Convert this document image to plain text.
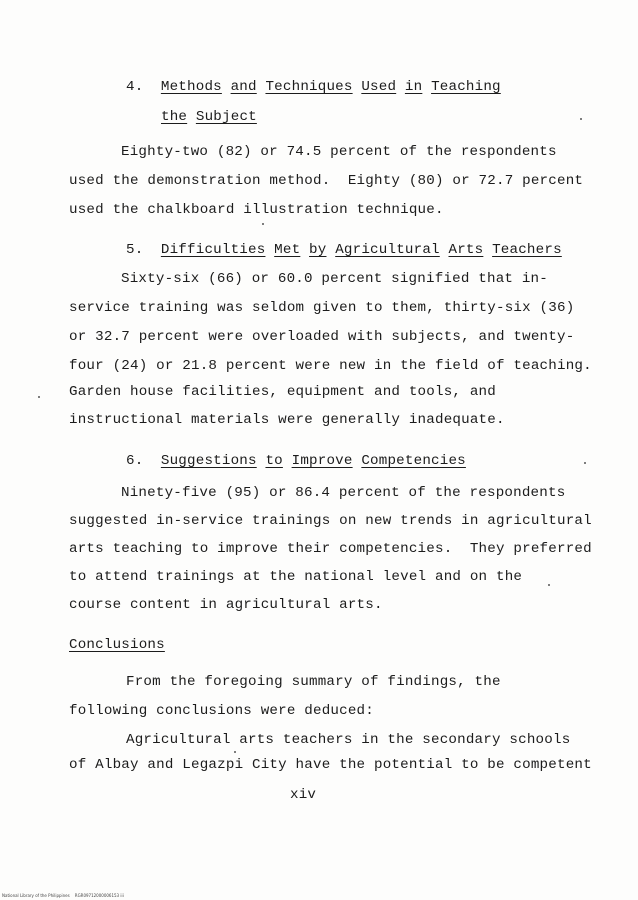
4. Methods and Techniques Used in Teaching
the Subject
Eighty-two (82) or 74.5 percent of the respondents
used the demonstration method.  Eighty (80) or 72.7 percent
used the chalkboard illustration technique.
5. Difficulties Met by Agricultural Arts Teachers
Sixty-six (66) or 60.0 percent signified that in-
service training was seldom given to them, thirty-six (36)
or 32.7 percent were overloaded with subjects, and twenty-
four (24) or 21.8 percent were new in the field of teaching.
Garden house facilities, equipment and tools, and
instructional materials were generally inadequate.
6. Suggestions to Improve Competencies
Ninety-five (95) or 86.4 percent of the respondents
suggested in-service trainings on new trends in agricultural
arts teaching to improve their competencies.  They preferred
to attend trainings at the national level and on the
course content in agricultural arts.
Conclusions
From the foregoing summary of findings, the
following conclusions were deduced:
Agricultural arts teachers in the secondary schools
of Albay and Legazpi City have the potential to be competent
xiv
National Library of the Philippines    RGR09712000006153 iii
